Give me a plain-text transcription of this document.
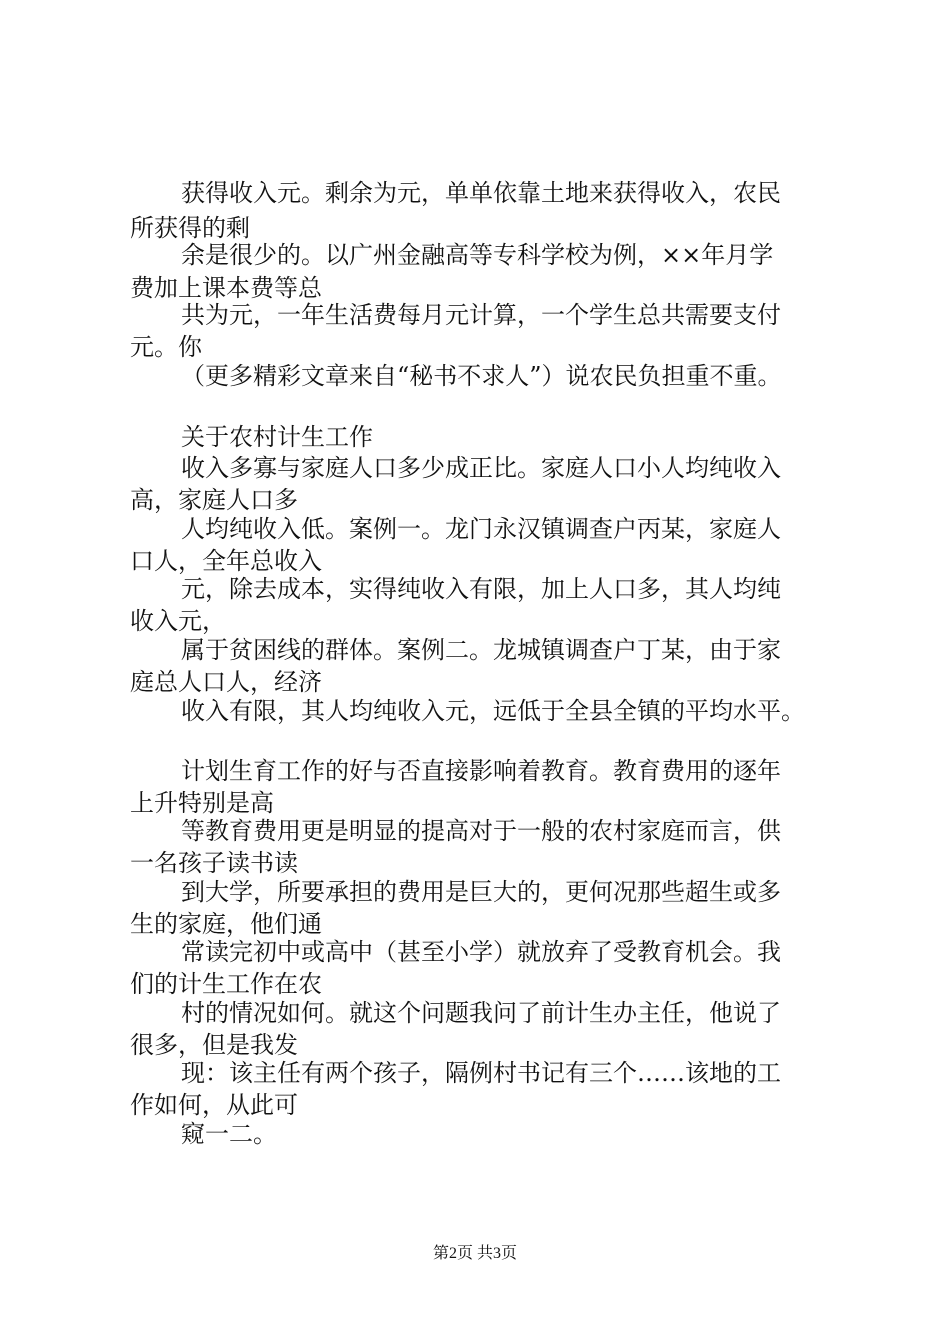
获得收入元。剩余为元，单单依靠土地来获得收入，农民
所获得的剩
余是很少的。以广州金融高等专科学校为例，××年月学
费加上课本费等总
共为元，一年生活费每月元计算，一个学生总共需要支付
元。你
（更多精彩文章来自“秘书不求人”）说农民负担重不重。
关于农村计生工作
收入多寡与家庭人口多少成正比。家庭人口小人均纯收入
高，家庭人口多
人均纯收入低。案例一。龙门永汉镇调查户丙某，家庭人
口人，全年总收入
元，除去成本，实得纯收入有限，加上人口多，其人均纯
收入元，
属于贫困线的群体。案例二。龙城镇调查户丁某，由于家
庭总人口人，经济
收入有限，其人均纯收入元，远低于全县全镇的平均水平。
计划生育工作的好与否直接影响着教育。教育费用的逐年
上升特别是高
等教育费用更是明显的提高对于一般的农村家庭而言，供
一名孩子读书读
到大学，所要承担的费用是巨大的，更何况那些超生或多
生的家庭，他们通
常读完初中或高中（甚至小学）就放弃了受教育机会。我
们的计生工作在农
村的情况如何。就这个问题我问了前计生办主任，他说了
很多，但是我发
现：该主任有两个孩子，隔例村书记有三个……该地的工
作如何，从此可
窥一二。
第2页 共3页
